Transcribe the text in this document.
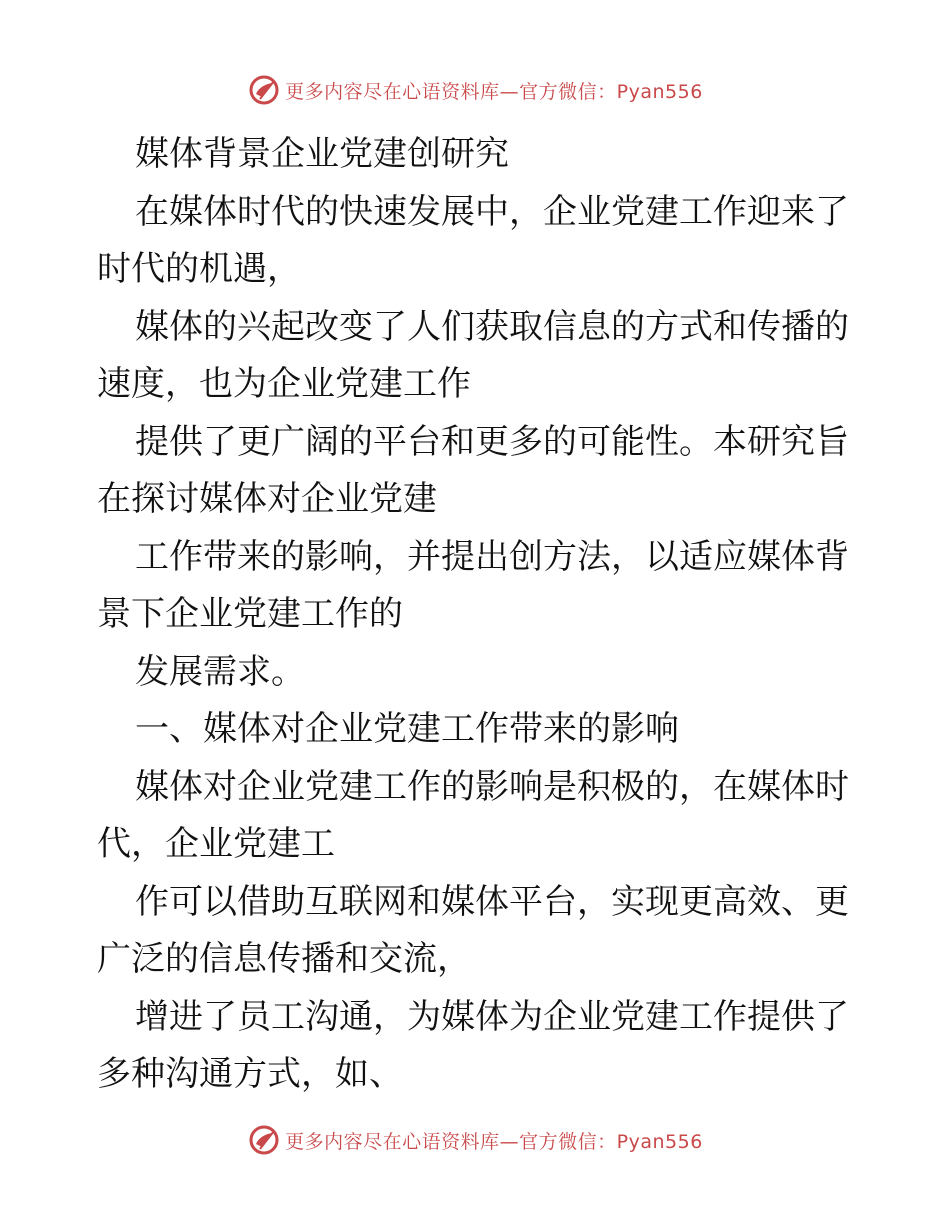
更多内容尽在心语资料库—官方微信：Pyan556

媒体背景企业党建创研究

在媒体时代的快速发展中，企业党建工作迎来了

时代的机遇，

媒体的兴起改变了人们获取信息的方式和传播的

速度，也为企业党建工作

提供了更广阔的平台和更多的可能性。本研究旨

在探讨媒体对企业党建

工作带来的影响，并提出创方法，以适应媒体背

景下企业党建工作的

发展需求。

一、媒体对企业党建工作带来的影响

媒体对企业党建工作的影响是积极的，在媒体时

代，企业党建工

作可以借助互联网和媒体平台，实现更高效、更

广泛的信息传播和交流，

增进了员工沟通，为媒体为企业党建工作提供了

多种沟通方式，如、

更多内容尽在心语资料库—官方微信：Pyan556
